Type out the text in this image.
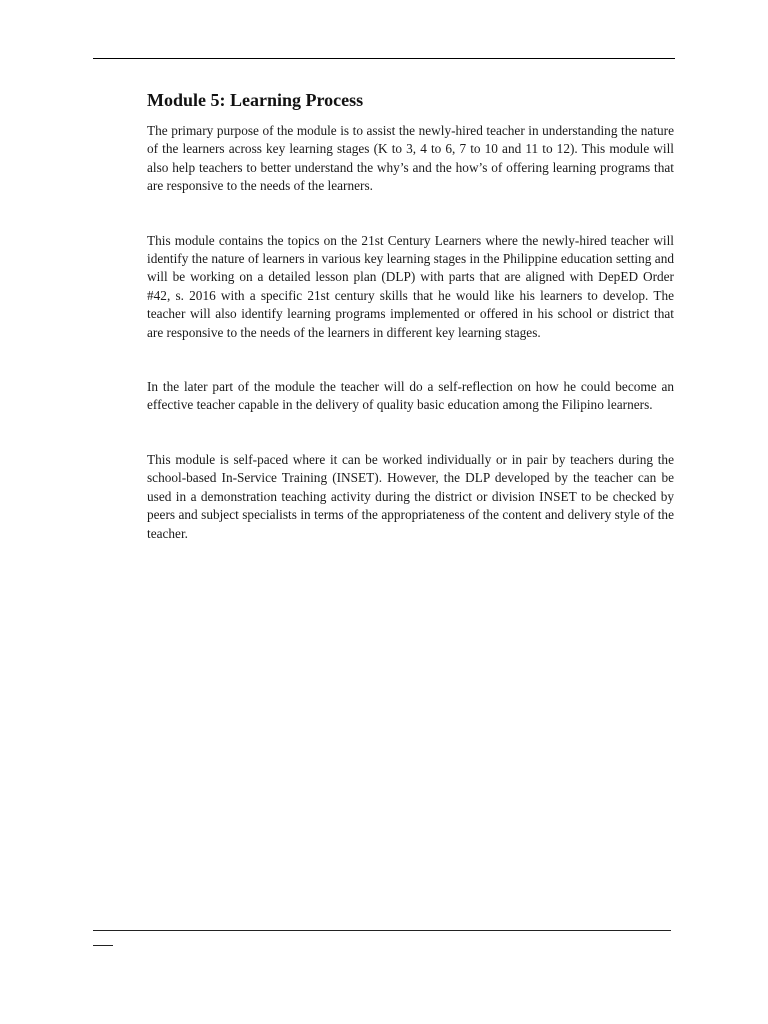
Module 5: Learning Process

The primary purpose of the module is to assist the newly-hired teacher in understanding the nature of the learners across key learning stages (K to 3, 4 to 6, 7 to 10 and 11 to 12). This module will also help teachers to better understand the why’s and the how’s of offering learning programs that are responsive to the needs of the learners.

This module contains the topics on the 21st Century Learners where the newly-hired teacher will identify the nature of learners in various key learning stages in the Philippine education setting and will be working on a detailed lesson plan (DLP) with parts that are aligned with DepED Order #42, s. 2016 with a specific 21st century skills that he would like his learners to develop. The teacher will also identify learning programs implemented or offered in his school or district that are responsive to the needs of the learners in different key learning stages.

In the later part of the module the teacher will do a self-reflection on how he could become an effective teacher capable in the delivery of quality basic education among the Filipino learners.

This module is self-paced where it can be worked individually or in pair by teachers during the school-based In-Service Training (INSET). However, the DLP developed by the teacher can be used in a demonstration teaching activity during the district or division INSET to be checked by peers and subject specialists in terms of the appropriateness of the content and delivery style of the teacher.
